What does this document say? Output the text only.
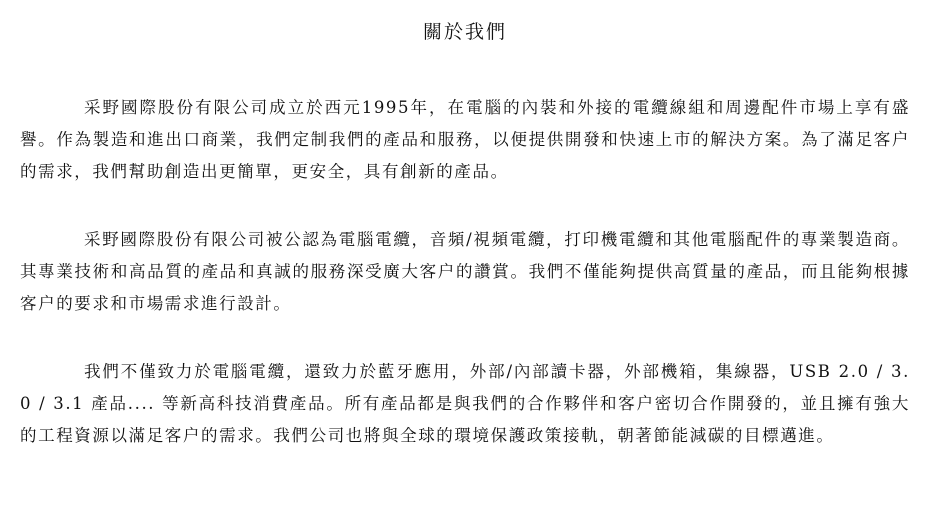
關於我們

采野國際股份有限公司成立於西元1995年，在電腦的內裝和外接的電纜線組和周邊配件市場上享有盛譽。作為製造和進出口商業，我們定制我們的產品和服務，以便提供開發和快速上市的解決方案。為了滿足客户的需求，我們幫助創造出更簡單，更安全，具有創新的產品。

采野國際股份有限公司被公認為電腦電纜，音頻/視頻電纜，打印機電纜和其他電腦配件的專業製造商。其專業技術和高品質的產品和真誠的服務深受廣大客户的讚賞。我們不僅能夠提供高質量的產品，而且能夠根據客户的要求和市場需求進行設計。

我們不僅致力於電腦電纜，還致力於藍牙應用，外部/內部讀卡器，外部機箱，集線器，USB 2.0 / 3.0 / 3.1 產品.... 等新高科技消費產品。所有產品都是與我們的合作夥伴和客户密切合作開發的，並且擁有強大的工程資源以滿足客户的需求。我們公司也將與全球的環境保護政策接軌，朝著節能減碳的目標邁進。
